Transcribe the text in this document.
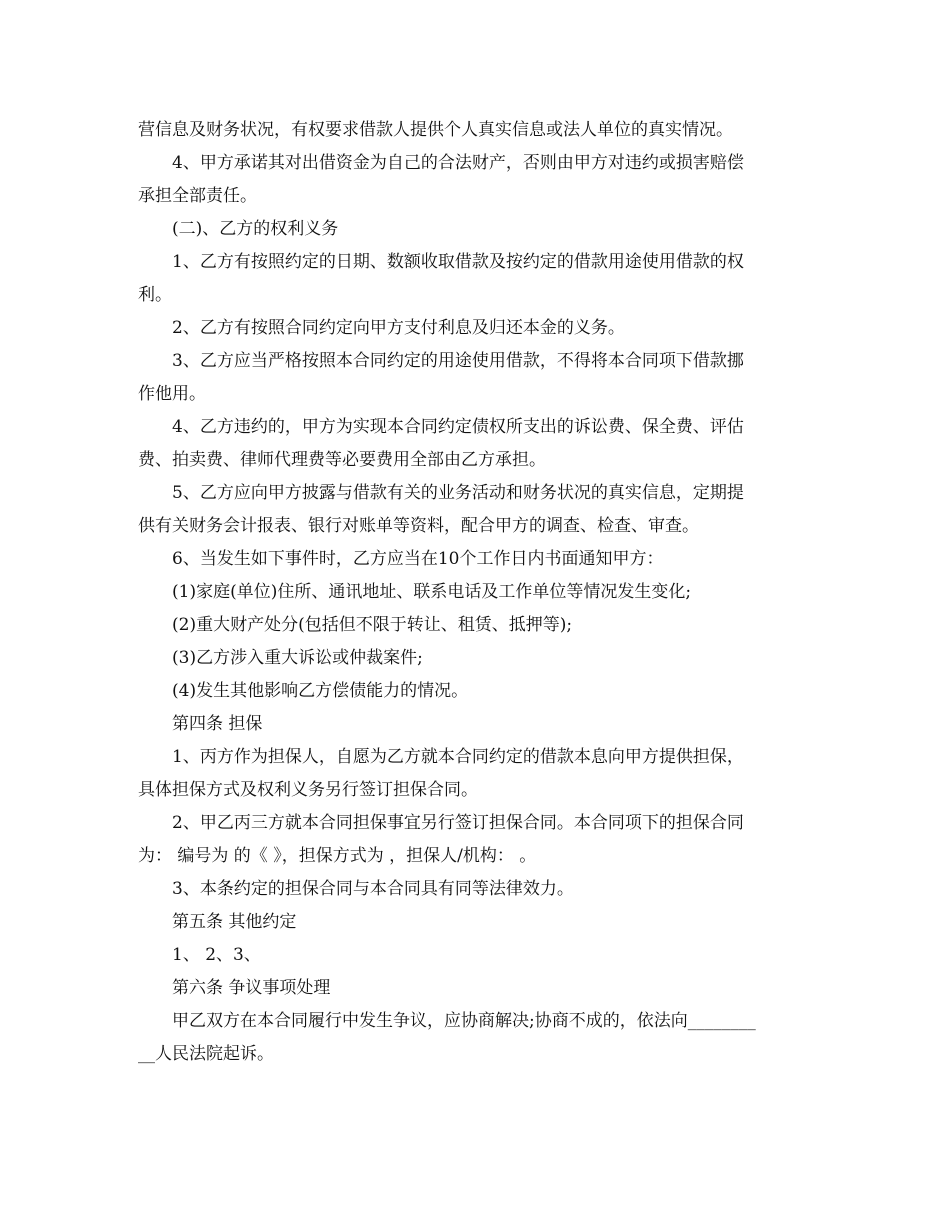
营信息及财务状况，有权要求借款人提供个人真实信息或法人单位的真实情况。
4、甲方承诺其对出借资金为自己的合法财产，否则由甲方对违约或损害赔偿
承担全部责任。
(二)、乙方的权利义务
1、乙方有按照约定的日期、数额收取借款及按约定的借款用途使用借款的权
利。
2、乙方有按照合同约定向甲方支付利息及归还本金的义务。
3、乙方应当严格按照本合同约定的用途使用借款，不得将本合同项下借款挪
作他用。
4、乙方违约的，甲方为实现本合同约定债权所支出的诉讼费、保全费、评估
费、拍卖费、律师代理费等必要费用全部由乙方承担。
5、乙方应向甲方披露与借款有关的业务活动和财务状况的真实信息，定期提
供有关财务会计报表、银行对账单等资料，配合甲方的调查、检查、审查。
6、当发生如下事件时，乙方应当在10个工作日内书面通知甲方：
(1)家庭(单位)住所、通讯地址、联系电话及工作单位等情况发生变化;
(2)重大财产处分(包括但不限于转让、租赁、抵押等);
(3)乙方涉入重大诉讼或仲裁案件;
(4)发生其他影响乙方偿债能力的情况。
第四条 担保
1、丙方作为担保人，自愿为乙方就本合同约定的借款本息向甲方提供担保，
具体担保方式及权利义务另行签订担保合同。
2、甲乙丙三方就本合同担保事宜另行签订担保合同。本合同项下的担保合同
为： 编号为 的《 》，担保方式为 ，担保人/机构： 。
3、本条约定的担保合同与本合同具有同等法律效力。
第五条 其他约定
1、 2、3、
第六条 争议事项处理
甲乙双方在本合同履行中发生争议，应协商解决;协商不成的，依法向________
__人民法院起诉。
